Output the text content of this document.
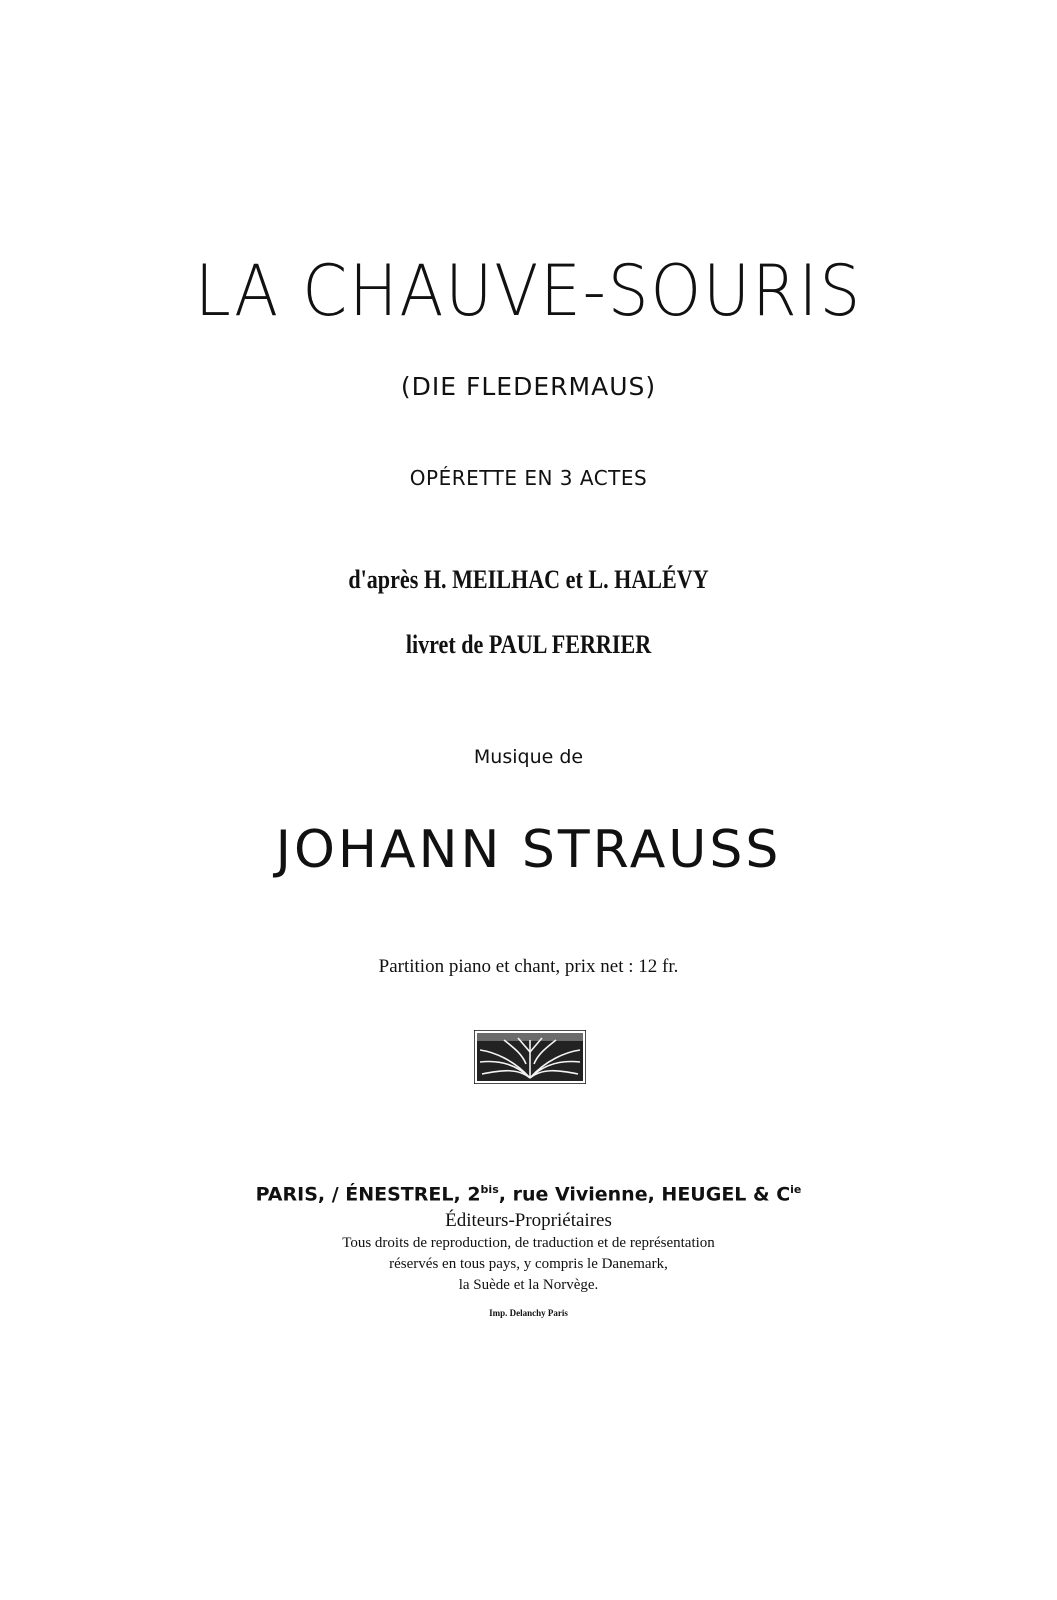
LA CHAUVE-SOURIS
(DIE FLEDERMAUS)
OPÉRETTE EN 3 ACTES
d'après H. MEILHAC et L. HALÉVY
livret de PAUL FERRIER
Musique de
JOHANN STRAUSS
Partition piano et chant, prix net : 12 fr.
PARIS, / ÉNESTREL, $2^{bis}$, rue Vivienne, HEUGEL & $C^{ie}$
Éditeurs-Propriétaires
Tous droits de reproduction, de traduction et de représentation
réservés en tous pays, y compris le Danemark,
la Suède et la Norvège.
Imp. Delanchy Paris
